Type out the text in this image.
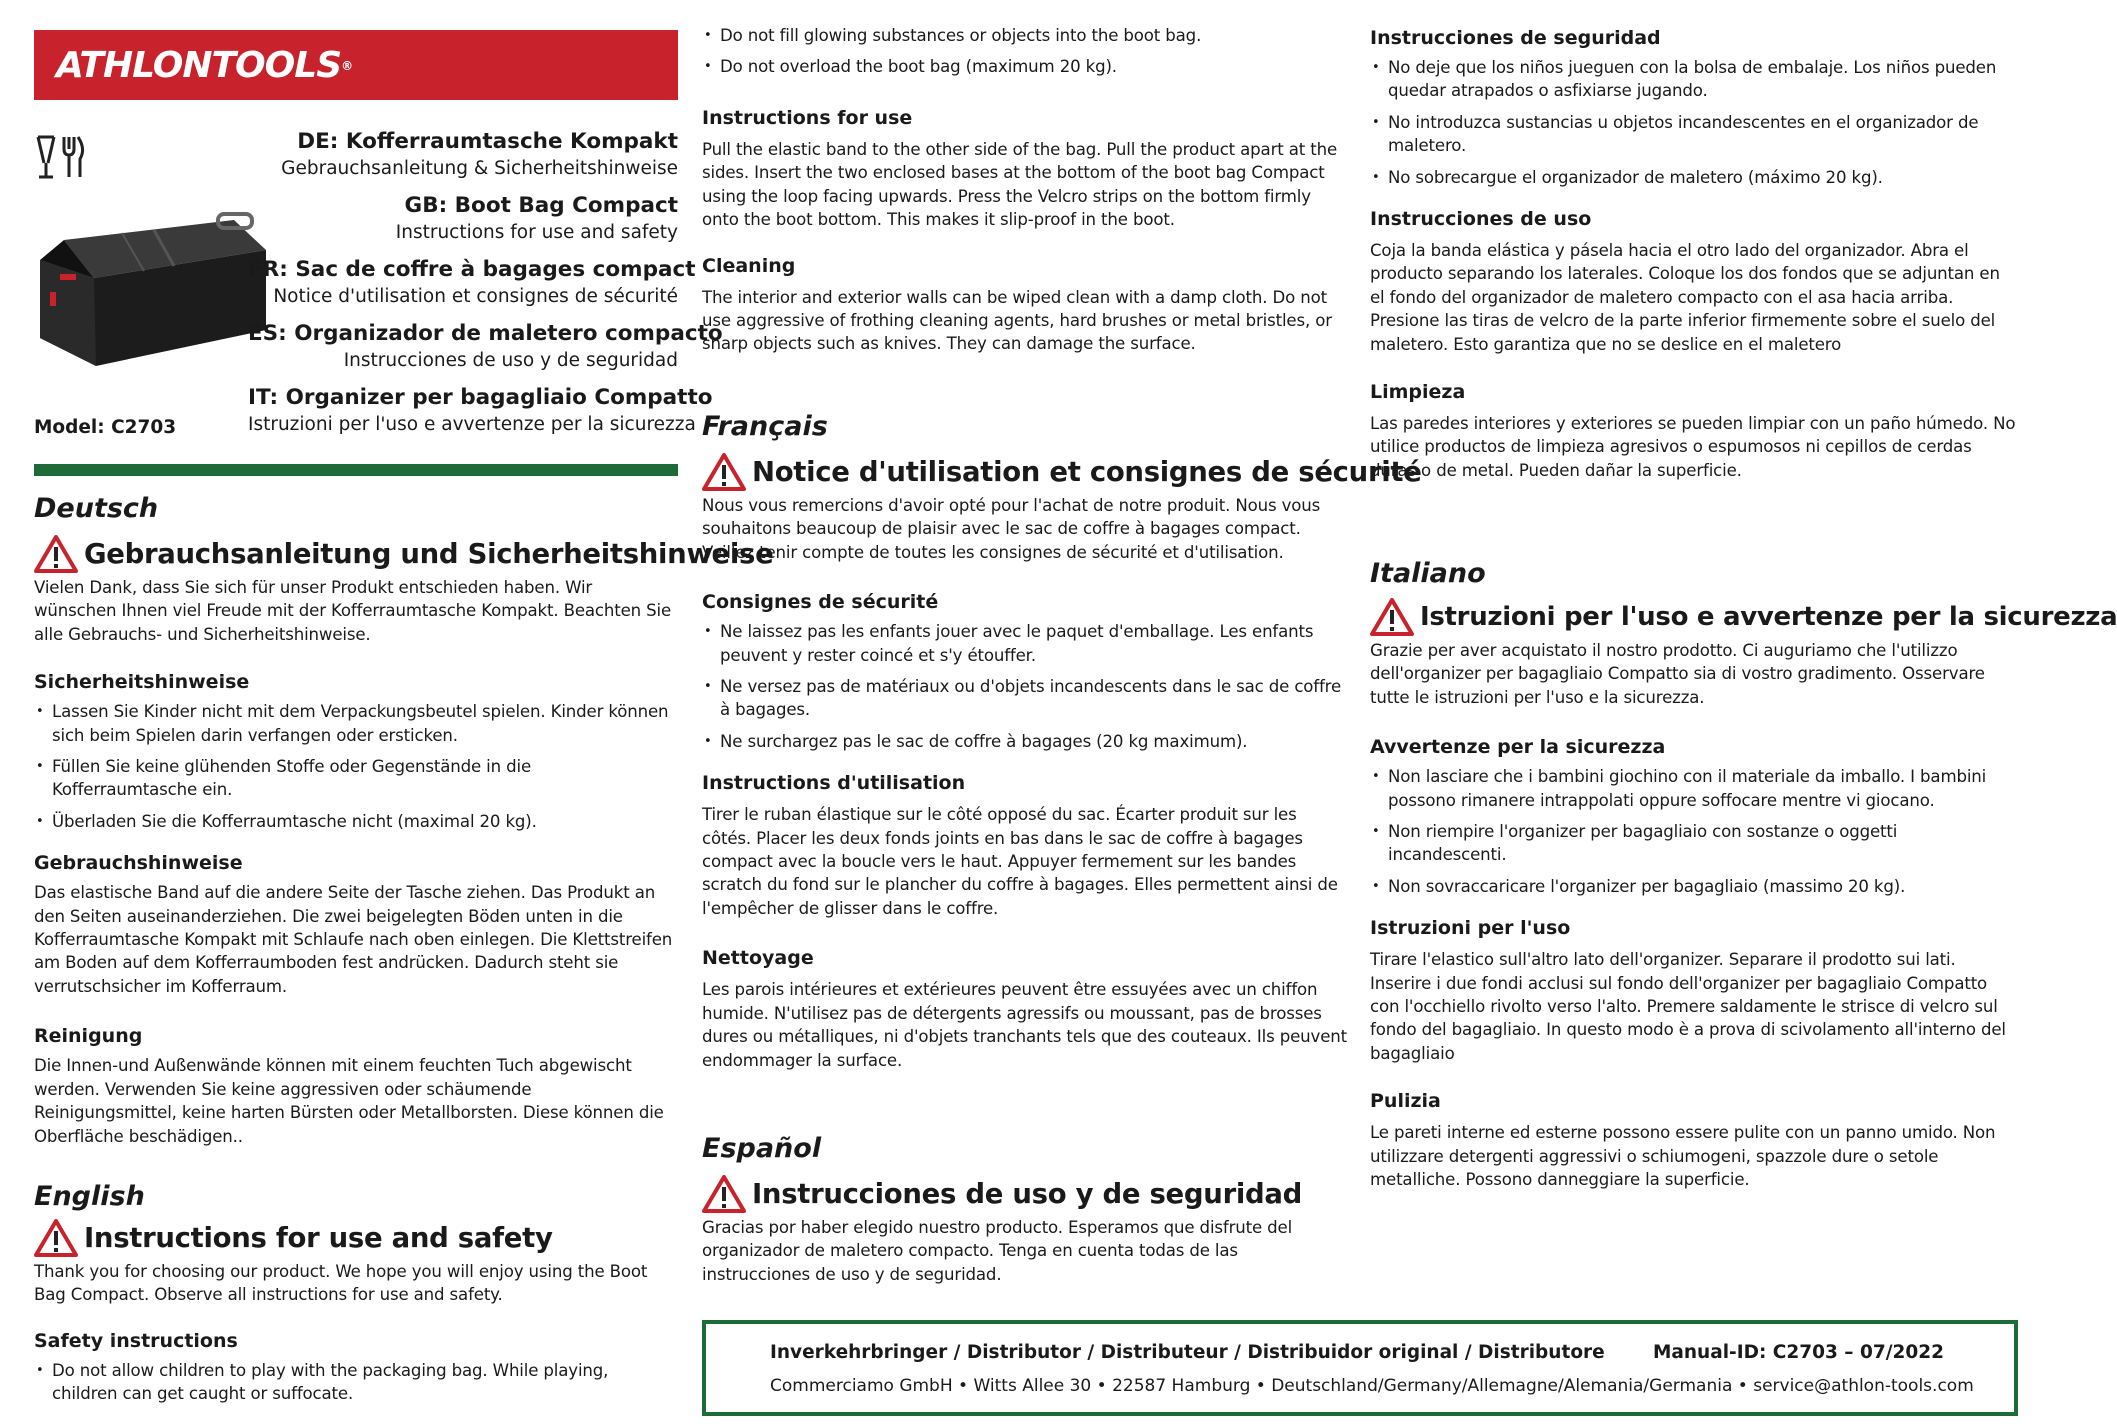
ATHLONTOOLS®
DE: Kofferraumtasche Kompakt
Gebrauchsanleitung & Sicherheitshinweise
GB: Boot Bag Compact
Instructions for use and safety
FR: Sac de coffre à bagages compact
Notice d'utilisation et consignes de sécurité
ES: Organizador de maletero compacto
Instrucciones de uso y de seguridad
IT: Organizer per bagagliaio Compatto
Istruzioni per l'uso e avvertenze per la sicurezza
Model: C2703

Deutsch

Gebrauchsanleitung und Sicherheitshinweise

Vielen Dank, dass Sie sich für unser Produkt entschieden haben. Wir wünschen Ihnen viel Freude mit der Kofferraumtasche Kompakt. Beachten Sie alle Gebrauchs- und Sicherheitshinweise.

Sicherheitshinweise

• Lassen Sie Kinder nicht mit dem Verpackungsbeutel spielen. Kinder können sich beim Spielen darin verfangen oder ersticken.
• Füllen Sie keine glühenden Stoffe oder Gegenstände in die Kofferraumtasche ein.
• Überladen Sie die Kofferraumtasche nicht (maximal 20 kg).

Gebrauchshinweise

Das elastische Band auf die andere Seite der Tasche ziehen. Das Produkt an den Seiten auseinanderziehen. Die zwei beigelegten Böden unten in die Kofferraumtasche Kompakt mit Schlaufe nach oben einlegen. Die Klettstreifen am Boden auf dem Kofferraumboden fest andrücken. Dadurch steht sie verrutschsicher im Kofferraum.

Reinigung

Die Innen-und Außenwände können mit einem feuchten Tuch abgewischt werden. Verwenden Sie keine aggressiven oder schäumende Reinigungsmittel, keine harten Bürsten oder Metallborsten. Diese können die Oberfläche beschädigen..

English

Instructions for use and safety

Thank you for choosing our product. We hope you will enjoy using the Boot Bag Compact. Observe all instructions for use and safety.

Safety instructions

• Do not allow children to play with the packaging bag. While playing, children can get caught or suffocate.
• Do not fill glowing substances or objects into the boot bag.
• Do not overload the boot bag (maximum 20 kg).

Instructions for use

Pull the elastic band to the other side of the bag. Pull the product apart at the sides. Insert the two enclosed bases at the bottom of the boot bag Compact using the loop facing upwards. Press the Velcro strips on the bottom firmly onto the boot bottom. This makes it slip-proof in the boot.

Cleaning

The interior and exterior walls can be wiped clean with a damp cloth. Do not use aggressive of frothing cleaning agents, hard brushes or metal bristles, or sharp objects such as knives. They can damage the surface.

Français

Notice d'utilisation et consignes de sécurité

Nous vous remercions d'avoir opté pour l'achat de notre produit. Nous vous souhaitons beaucoup de plaisir avec le sac de coffre à bagages compact. Veillez tenir compte de toutes les consignes de sécurité et d'utilisation.

Consignes de sécurité

• Ne laissez pas les enfants jouer avec le paquet d'emballage. Les enfants peuvent y rester coincé et s'y étouffer.
• Ne versez pas de matériaux ou d'objets incandescents dans le sac de coffre à bagages.
• Ne surchargez pas le sac de coffre à bagages (20 kg maximum).

Instructions d'utilisation

Tirer le ruban élastique sur le côté opposé du sac. Écarter produit sur les côtés. Placer les deux fonds joints en bas dans le sac de coffre à bagages compact avec la boucle vers le haut. Appuyer fermement sur les bandes scratch du fond sur le plancher du coffre à bagages. Elles permettent ainsi de l'empêcher de glisser dans le coffre.

Nettoyage

Les parois intérieures et extérieures peuvent être essuyées avec un chiffon humide. N'utilisez pas de détergents agressifs ou moussant, pas de brosses dures ou métalliques, ni d'objets tranchants tels que des couteaux. Ils peuvent endommager la surface.

Español

Instrucciones de uso y de seguridad

Gracias por haber elegido nuestro producto. Esperamos que disfrute del organizador de maletero compacto. Tenga en cuenta todas de las instrucciones de uso y de seguridad.

Instrucciones de seguridad

• No deje que los niños jueguen con la bolsa de embalaje. Los niños pueden quedar atrapados o asfixiarse jugando.
• No introduzca sustancias u objetos incandescentes en el organizador de maletero.
• No sobrecargue el organizador de maletero (máximo 20 kg).

Instrucciones de uso

Coja la banda elástica y pásela hacia el otro lado del organizador. Abra el producto separando los laterales. Coloque los dos fondos que se adjuntan en el fondo del organizador de maletero compacto con el asa hacia arriba. Presione las tiras de velcro de la parte inferior firmemente sobre el suelo del maletero. Esto garantiza que no se deslice en el maletero

Limpieza

Las paredes interiores y exteriores se pueden limpiar con un paño húmedo. No utilice productos de limpieza agresivos o espumosos ni cepillos de cerdas duras o de metal. Pueden dañar la superficie.

Italiano

Istruzioni per l'uso e avvertenze per la sicurezza

Grazie per aver acquistato il nostro prodotto. Ci auguriamo che l'utilizzo dell'organizer per bagagliaio Compatto sia di vostro gradimento. Osservare tutte le istruzioni per l'uso e la sicurezza.

Avvertenze per la sicurezza

• Non lasciare che i bambini giochino con il materiale da imballo. I bambini possono rimanere intrappolati oppure soffocare mentre vi giocano.
• Non riempire l'organizer per bagagliaio con sostanze o oggetti incandescenti.
• Non sovraccaricare l'organizer per bagagliaio (massimo 20 kg).

Istruzioni per l'uso

Tirare l'elastico sull'altro lato dell'organizer. Separare il prodotto sui lati. Inserire i due fondi acclusi sul fondo dell'organizer per bagagliaio Compatto con l'occhiello rivolto verso l'alto. Premere saldamente le strisce di velcro sul fondo del bagagliaio. In questo modo è a prova di scivolamento all'interno del bagagliaio

Pulizia

Le pareti interne ed esterne possono essere pulite con un panno umido. Non utilizzare detergenti aggressivi o schiumogeni, spazzole dure o setole metalliche. Possono danneggiare la superficie.

Inverkehrbringer / Distributor / Distributeur / Distribuidor original / Distributore	Manual-ID: C2703 – 07/2022
Commerciamo GmbH • Witts Allee 30 • 22587 Hamburg • Deutschland/Germany/Allemagne/Alemania/Germania • service@athlon-tools.com
